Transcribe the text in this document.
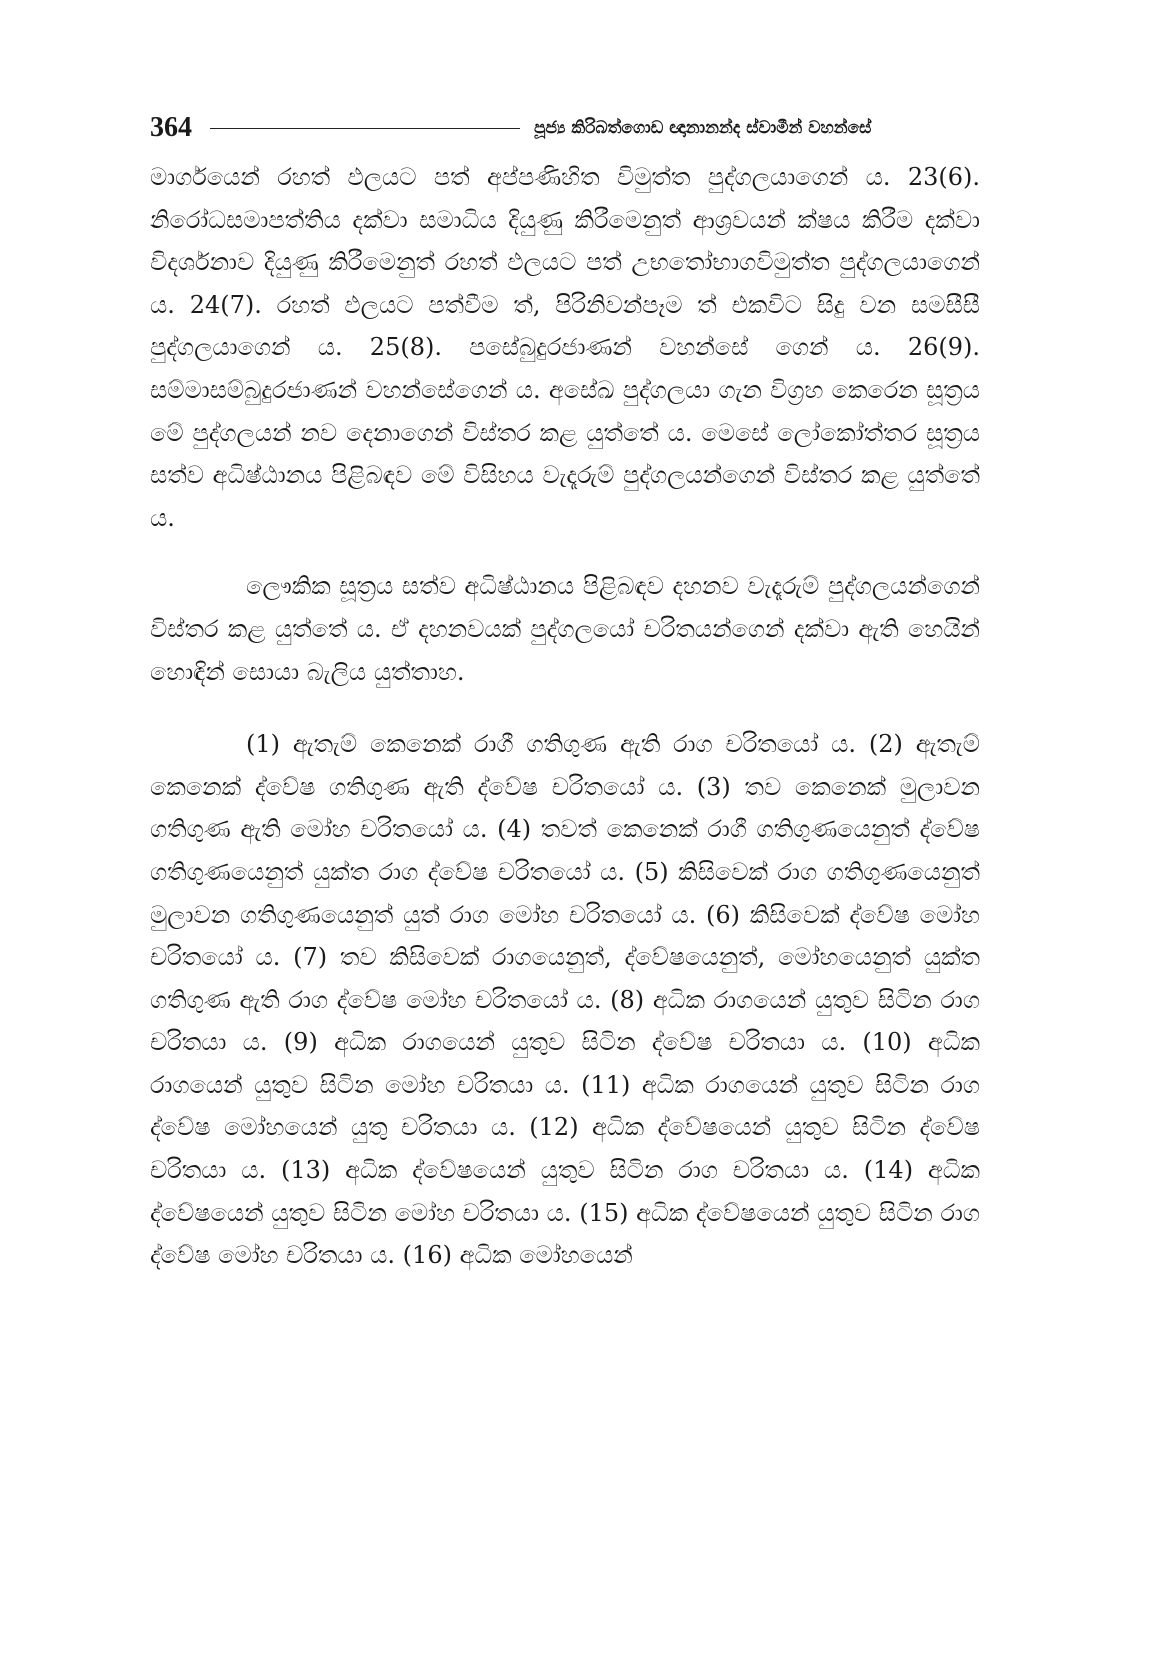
364	පූජ්‍ය කිරිබත්ගොඩ ඥානානන්ද ස්වාමීන් වහන්සේ

මාර්ගයෙන් රහත් ඵලයට පත් අප්පණිහිත විමුත්ත පුද්ගලයාගෙන් ය. 23(6). නිරෝධසමාපත්තිය දක්වා සමාධිය දියුණු කිරීමෙනුත් ආශ්‍රවයන් ක්ෂය කිරීම දක්වා විදර්ශනාව දියුණු කිරීමෙනුත් රහත් ඵලයට පත් උභතෝභාගවිමුත්ත පුද්ගලයාගෙන් ය. 24(7). රහත් ඵලයට පත්වීම ත්, පිරිනිවන්පෑම ත් එකවිට සිදු වන සමසීසී පුද්ගලයාගෙන් ය. 25(8). පසේබුදුරජාණන් වහන්සේ ගෙන් ය. 26(9). සම්මාසම්බුදුරජාණන් වහන්සේගෙන් ය. අසේඛ පුද්ගලයා ගැන විග්‍රහ කෙරෙන සූත්‍රය මේ පුද්ගලයන් නව දෙනාගෙන් විස්තර කළ යුත්තේ ය. මෙසේ ලෝකෝත්තර සූත්‍රය සත්ව අධිෂ්ඨානය පිළිබඳව මේ විසිහය වැදෑරුම් පුද්ගලයන්ගෙන් විස්තර කළ යුත්තේ ය.

ලෞකික සූත්‍රය සත්ව අධිෂ්ඨානය පිළිබඳව දහනව වැදෑරුම් පුද්ගලයන්ගෙන් විස්තර කළ යුත්තේ ය. ඒ දහනවයක් පුද්ගලයෝ චරිතයන්ගෙන් දක්වා ඇති හෙයින් හොඳින් සොයා බැලිය යුත්තාහ.

(1) ඇතැම් කෙනෙක් රාගී ගතිගුණ ඇති රාග චරිතයෝ ය. (2) ඇතැම් කෙනෙක් ද්වේෂ ගතිගුණ ඇති ද්වේෂ චරිතයෝ ය. (3) තව කෙනෙක් මුලාවන ගතිගුණ ඇති මෝහ චරිතයෝ ය. (4) තවත් කෙනෙක් රාගී ගතිගුණයෙනුත් ද්වේෂ ගතිගුණයෙනුත් යුක්ත රාග ද්වේෂ චරිතයෝ ය. (5) කිසිවෙක් රාග ගතිගුණයෙනුත් මුලාවන ගතිගුණයෙනුත් යුත් රාග මෝහ චරිතයෝ ය. (6) කිසිවෙක් ද්වේෂ මෝහ චරිතයෝ ය. (7) තව කිසිවෙක් රාගයෙනුත්, ද්වේෂයෙනුත්, මෝහයෙනුත් යුක්ත ගතිගුණ ඇති රාග ද්වේෂ මෝහ චරිතයෝ ය. (8) අධික රාගයෙන් යුතුව සිටින රාග චරිතයා ය. (9) අධික රාගයෙන් යුතුව සිටින ද්වේෂ චරිතයා ය. (10) අධික රාගයෙන් යුතුව සිටින මෝහ චරිතයා ය. (11) අධික රාගයෙන් යුතුව සිටින රාග ද්වේෂ මෝහයෙන් යුතු චරිතයා ය. (12) අධික ද්වේෂයෙන් යුතුව සිටින ද්වේෂ චරිතයා ය. (13) අධික ද්වේෂයෙන් යුතුව සිටින රාග චරිතයා ය. (14) අධික ද්වේෂයෙන් යුතුව සිටින මෝහ චරිතයා ය. (15) අධික ද්වේෂයෙන් යුතුව සිටින රාග ද්වේෂ මෝහ චරිතයා ය. (16) අධික මෝහයෙන්
